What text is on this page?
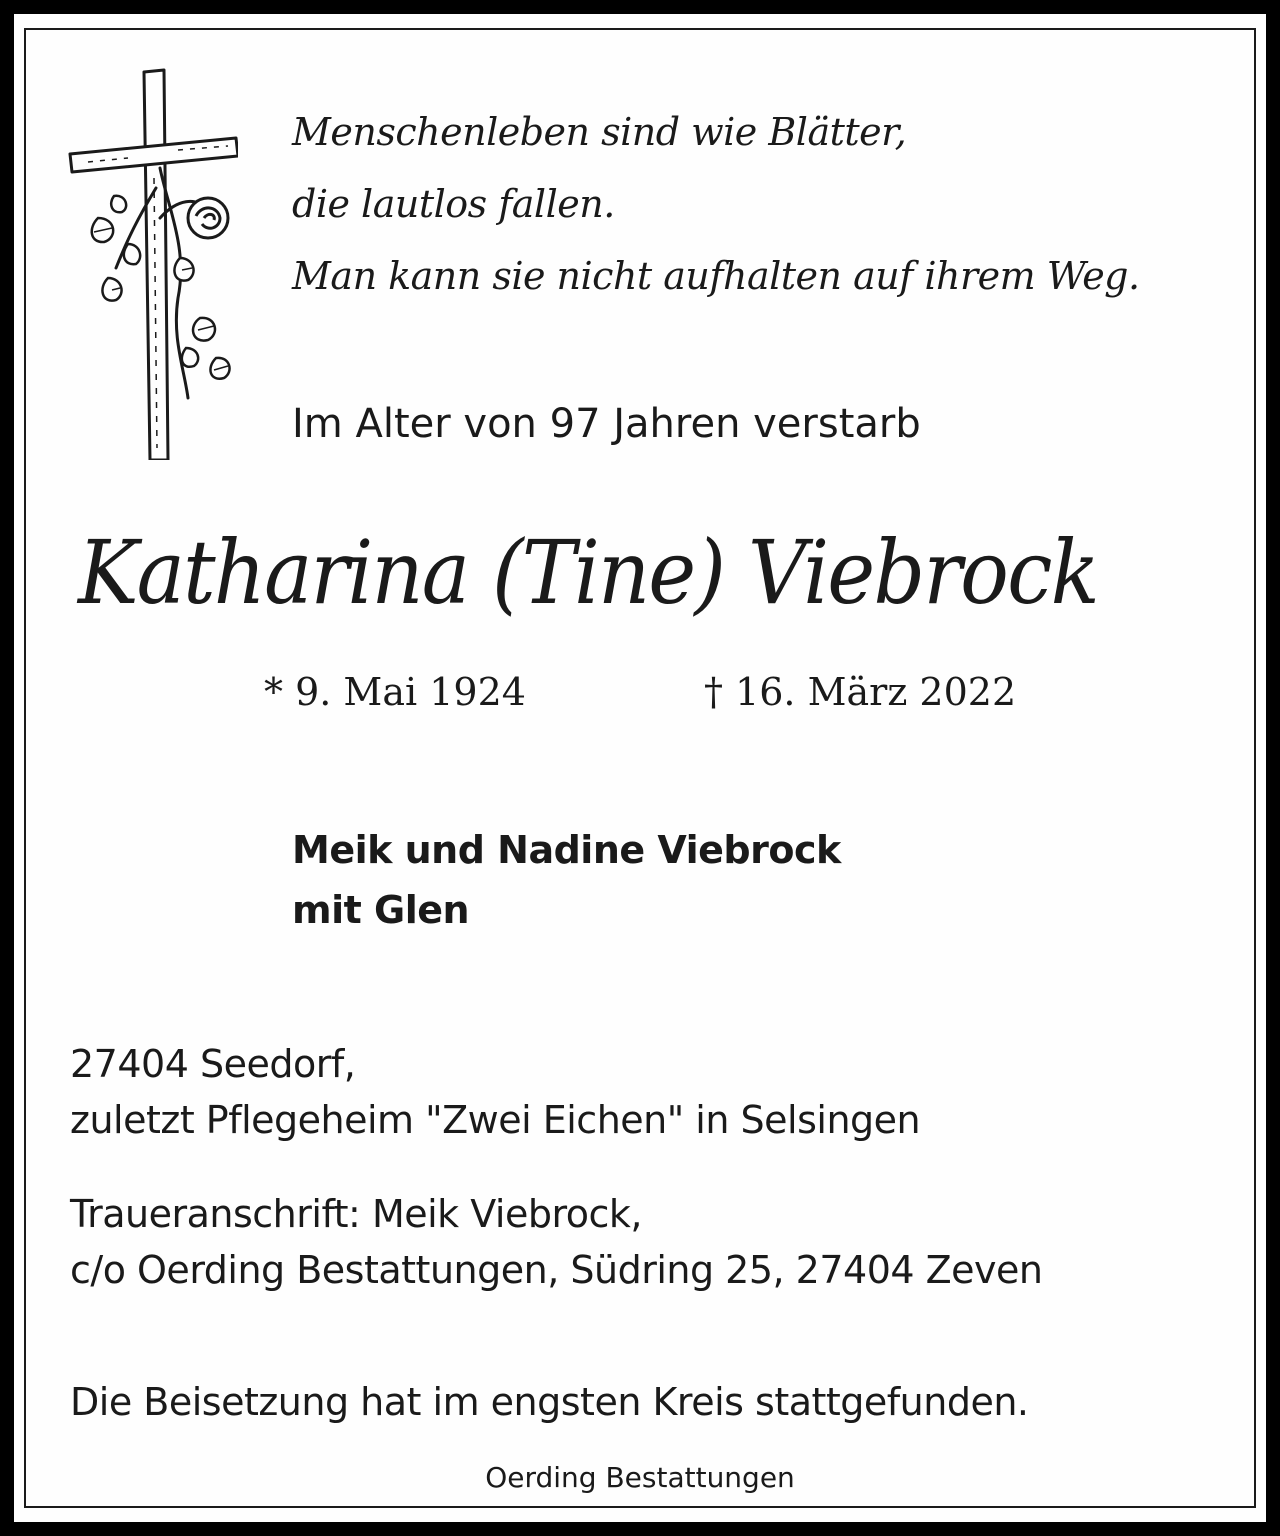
Menschenleben sind wie Blätter,
die lautlos fallen.
Man kann sie nicht aufhalten auf ihrem Weg.
Im Alter von 97 Jahren verstarb
Katharina (Tine) Viebrock
* 9. Mai 1924	† 16. März 2022
Meik und Nadine Viebrock
mit Glen
27404 Seedorf,
zuletzt Pflegeheim "Zwei Eichen" in Selsingen
Traueranschrift: Meik Viebrock,
c/o Oerding Bestattungen, Südring 25, 27404 Zeven
Die Beisetzung hat im engsten Kreis stattgefunden.
Oerding Bestattungen
